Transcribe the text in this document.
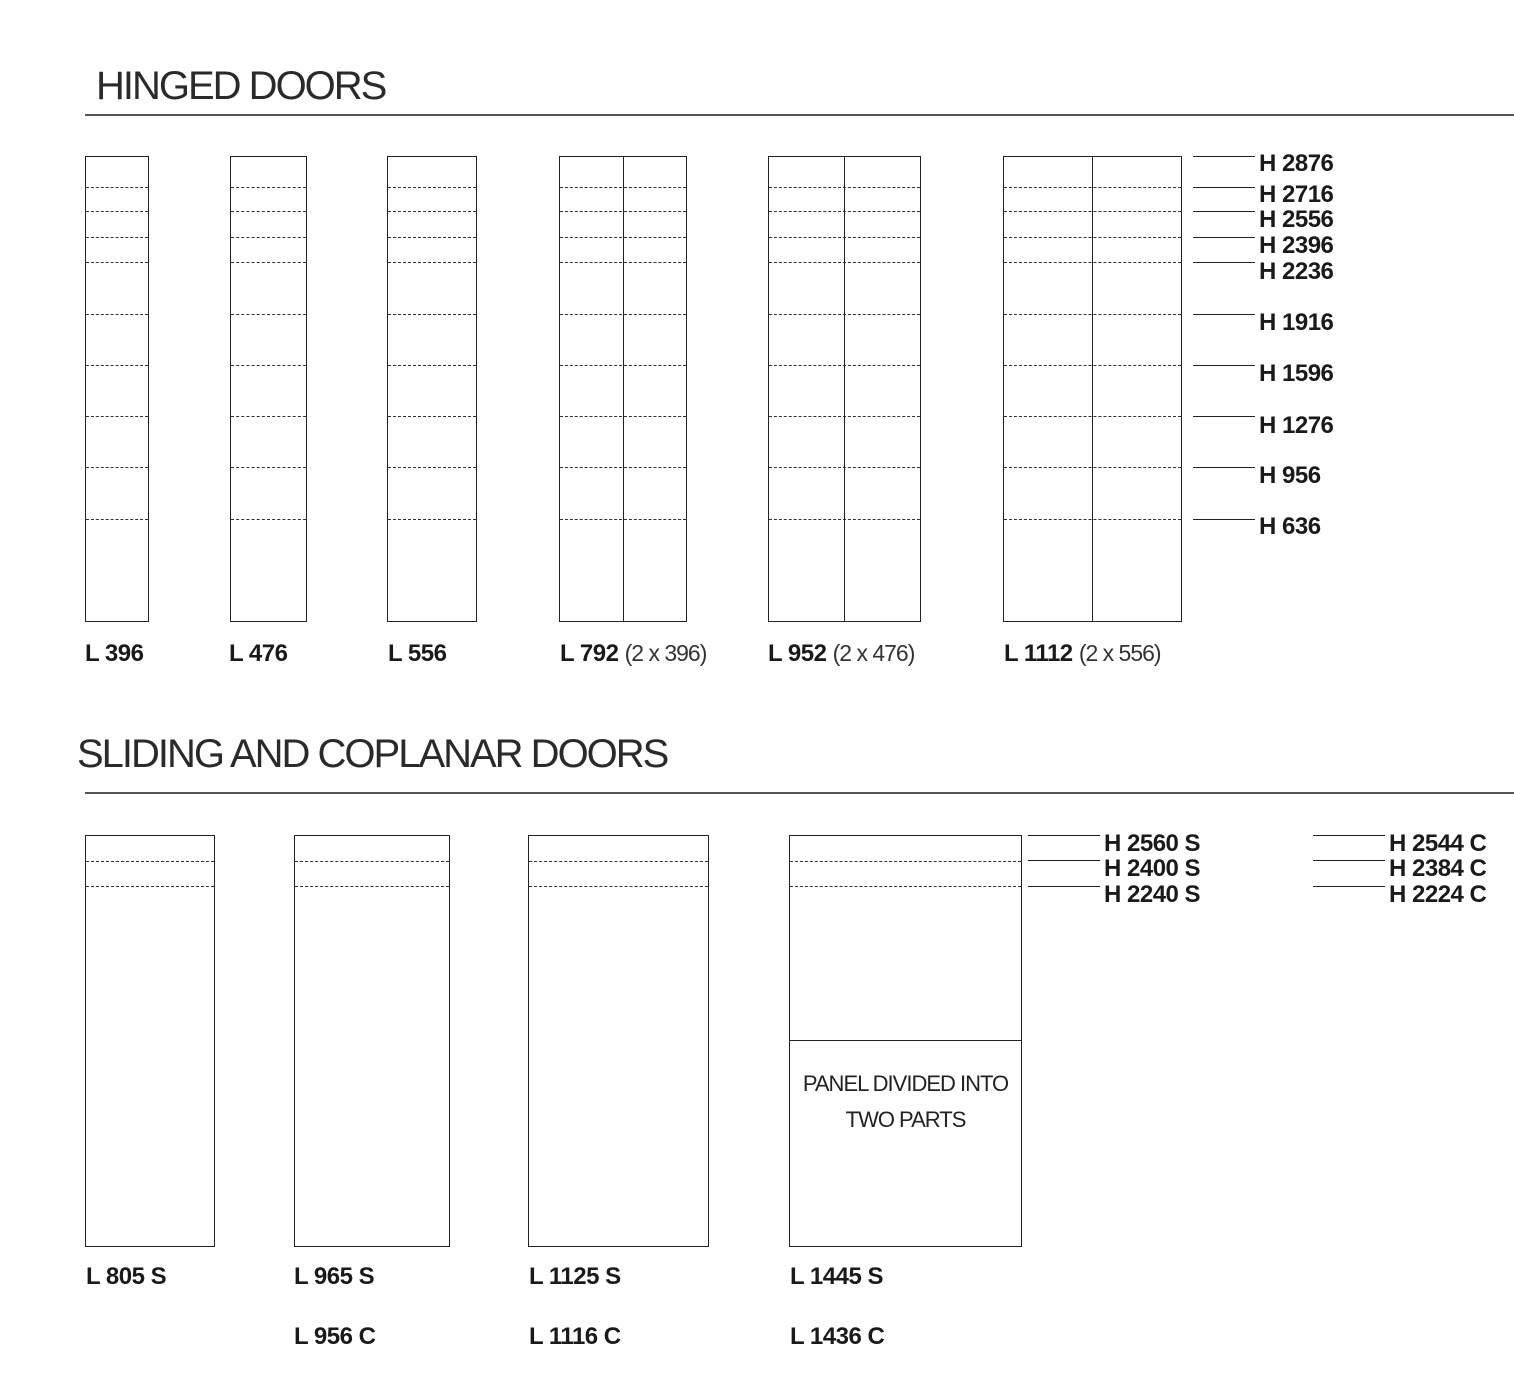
HINGED DOORS
H 2876
H 2716
H 2556
H 2396
H 2236
H 1916
H 1596
H 1276
H 956
H 636
L 396	L 476	L 556	L 792 (2 x 396)	L 952 (2 x 476)	L 1112 (2 x 556)
SLIDING AND COPLANAR DOORS
PANEL DIVIDED INTO
TWO PARTS
H 2560 S
H 2400 S
H 2240 S
H 2544 C
H 2384 C
H 2224 C
L 805 S	L 965 S	L 1125 S	L 1445 S
L 956 C	L 1116 C	L 1436 C
